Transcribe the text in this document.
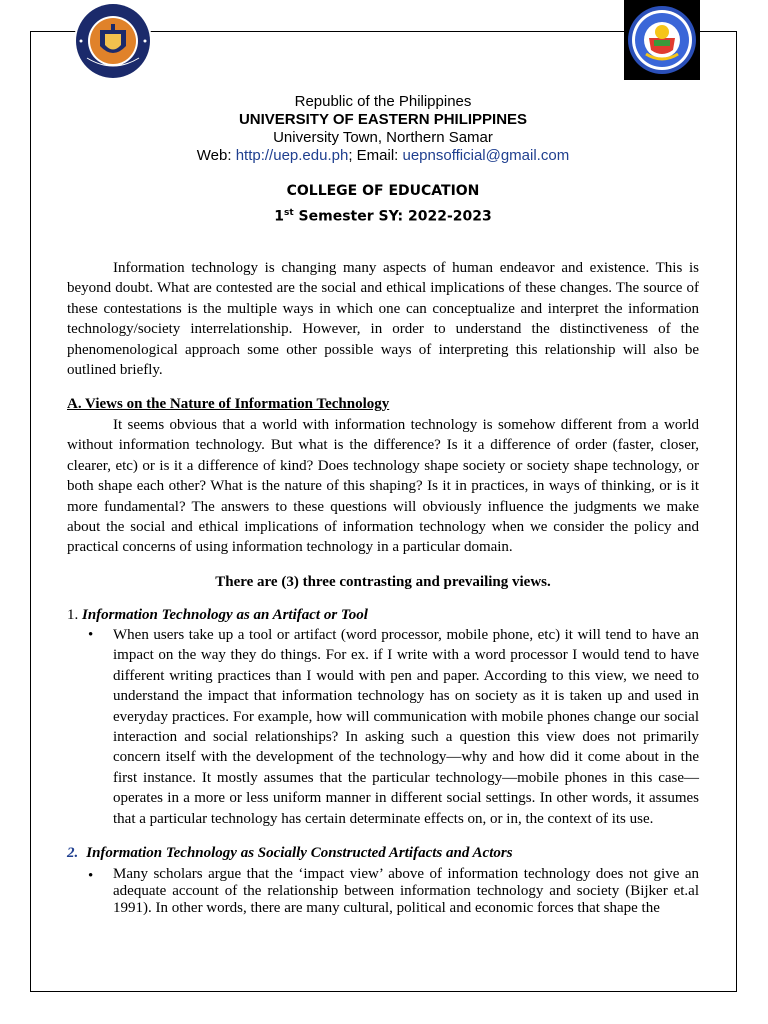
Republic of the Philippines
UNIVERSITY OF EASTERN PHILIPPINES
University Town, Northern Samar
Web: http://uep.edu.ph; Email: uepnsofficial@gmail.com
COLLEGE OF EDUCATION
1st Semester SY: 2022-2023

Information technology is changing many aspects of human endeavor and existence. This is beyond doubt. What are contested are the social and ethical implications of these changes. The source of these contestations is the multiple ways in which one can conceptualize and interpret the information technology/society interrelationship. However, in order to understand the distinctiveness of the phenomenological approach some other possible ways of interpreting this relationship will also be outlined briefly.

A. Views on the Nature of Information Technology

It seems obvious that a world with information technology is somehow different from a world without information technology. But what is the difference? Is it a difference of order (faster, closer, clearer, etc) or is it a difference of kind? Does technology shape society or society shape technology, or both shape each other? What is the nature of this shaping? Is it in practices, in ways of thinking, or is it more fundamental? The answers to these questions will obviously influence the judgments we make about the social and ethical implications of information technology when we consider the policy and practical concerns of using information technology in a particular domain.

There are (3) three contrasting and prevailing views.
1. Information Technology as an Artifact or Tool
•	When users take up a tool or artifact (word processor, mobile phone, etc) it will tend to have an impact on the way they do things. For ex. if I write with a word processor I would tend to have different writing practices than I would with pen and paper. According to this view, we need to understand the impact that information technology has on society as it is taken up and used in everyday practices. For example, how will communication with mobile phones change our social interaction and social relationships? In asking such a question this view does not primarily concern itself with the development of the technology—why and how did it come about in the first instance. It mostly assumes that the particular technology—mobile phones in this case—operates in a more or less uniform manner in different social settings. In other words, it assumes that a particular technology has certain determinate effects on, or in, the context of its use.

2. Information Technology as Socially Constructed Artifacts and Actors
•	Many scholars argue that the ‘impact view’ above of information technology does not give an adequate account of the relationship between information technology and society (Bijker et.al 1991). In other words, there are many cultural, political and economic forces that shape the
